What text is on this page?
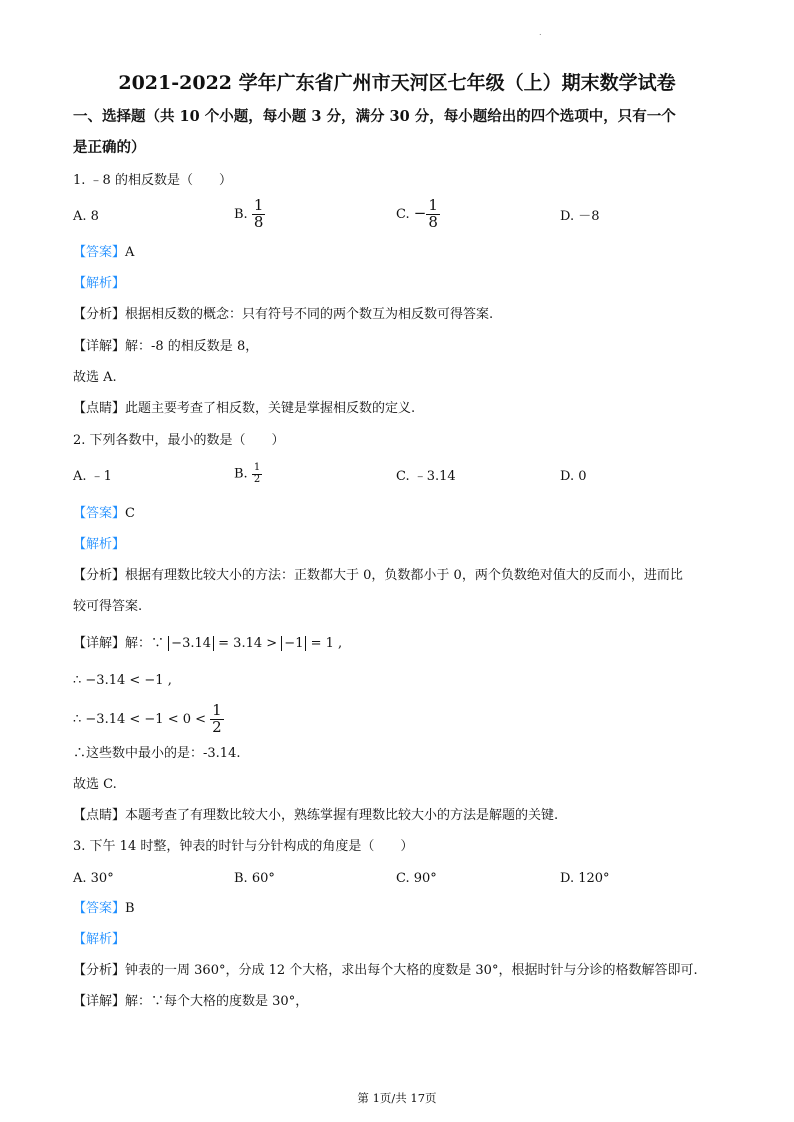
.
2021-2022 学年广东省广州市天河区七年级（上）期末数学试卷
一、选择题（共 10 个小题，每小题 3 分，满分 30 分，每小题给出的四个选项中，只有一个
是正确的）
1. ﹣8 的相反数是（　　）
A. 8	B. $\frac{1}{8}$	C. − $\frac{1}{8}$	D. －8
【答案】A
【解析】
【分析】根据相反数的概念：只有符号不同的两个数互为相反数可得答案.
【详解】解：-8 的相反数是 8，
故选 A.
【点睛】此题主要考查了相反数，关键是掌握相反数的定义.
2. 下列各数中，最小的数是（　　）
A. ﹣1	B. $\frac{1}{2}$	C. ﹣3.14	D. 0
【答案】C
【解析】
【分析】根据有理数比较大小的方法：正数都大于 0，负数都小于 0，两个负数绝对值大的反而小，进而比
较可得答案.
【详解】解：∵ −3.14 = 3.14 > −1 = 1 ,
∴ −3.14 < −1 ,
∴ $-3.14 < -1 < 0 < \frac{1}{2}$
∴这些数中最小的是：-3.14.
故选 C.
【点睛】本题考查了有理数比较大小，熟练掌握有理数比较大小的方法是解题的关键.
3. 下午 14 时整，钟表的时针与分针构成的角度是（　　）
A. 30°	B. 60°	C. 90°	D. 120°
【答案】B
【解析】
【分析】钟表的一周 360°，分成 12 个大格，求出每个大格的度数是 30°，根据时针与分诊的格数解答即可.
【详解】解：∵每个大格的度数是 30°，
第 1页/共 17页
